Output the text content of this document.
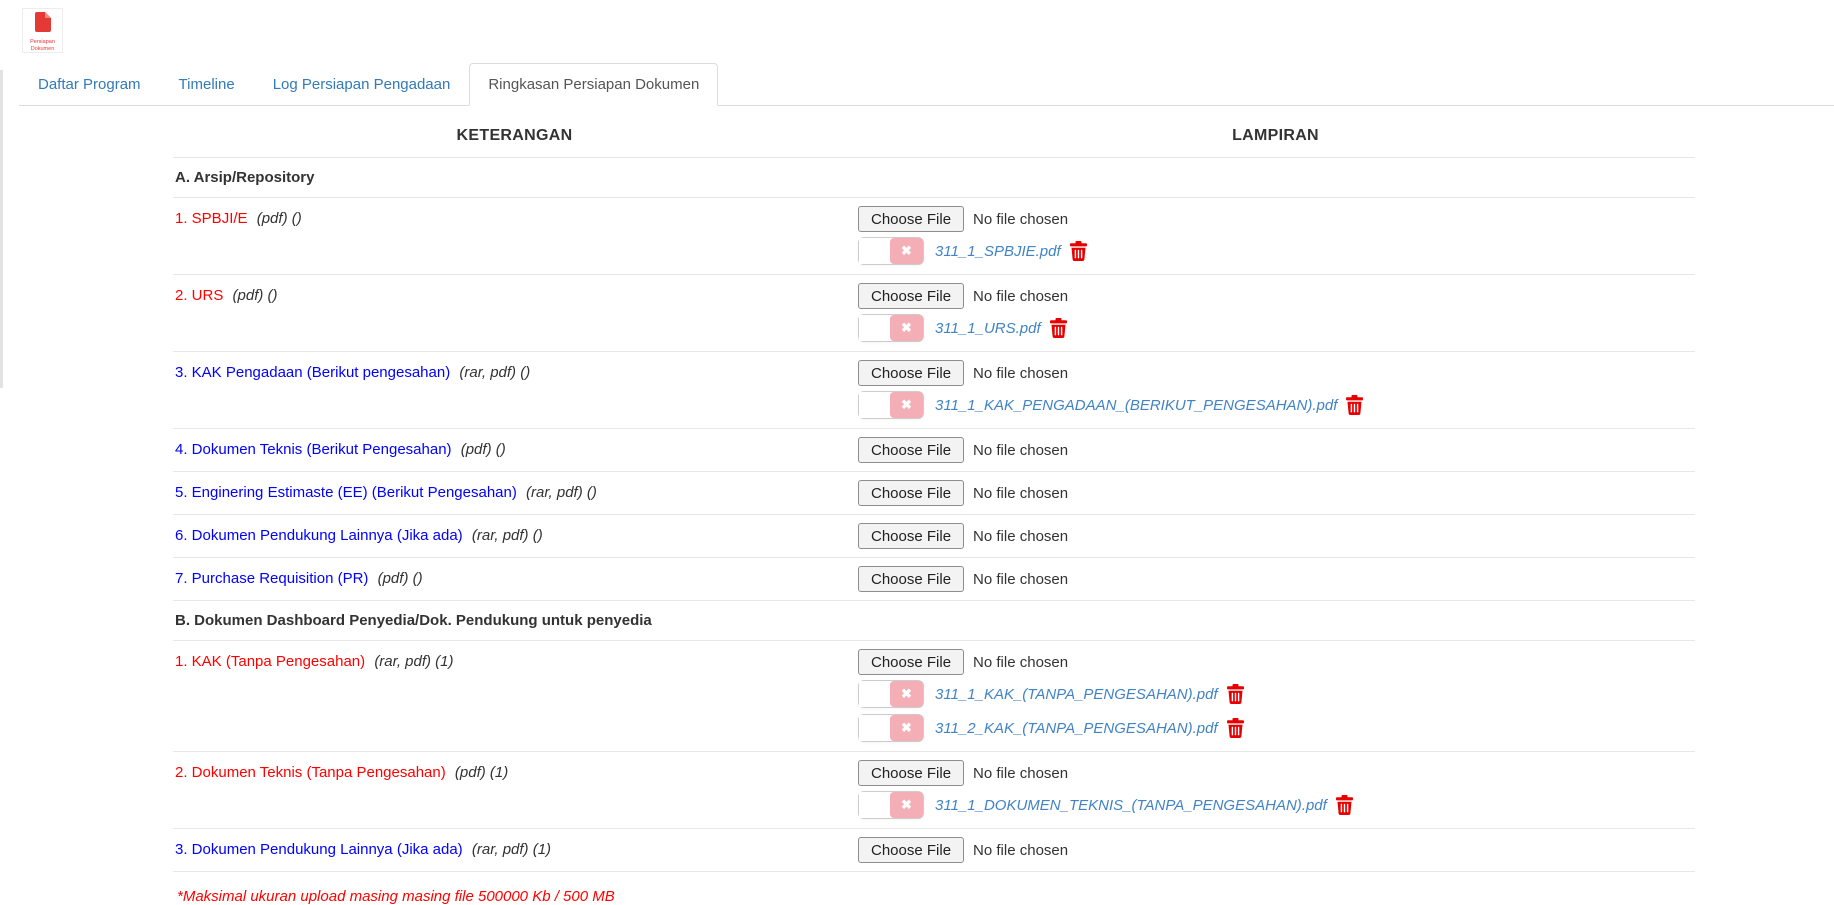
Persiapan Dokumen
Daftar Program	Timeline	Log Persiapan Pengadaan	Ringkasan Persiapan Dokumen
KETERANGAN	LAMPIRAN
A. Arsip/Repository
1. SPBJI/E (pdf) ()	Choose File	No file chosen
✖	311_1_SPBJIE.pdf
2. URS (pdf) ()	Choose File	No file chosen
✖	311_1_URS.pdf
3. KAK Pengadaan (Berikut pengesahan) (rar, pdf) ()	Choose File	No file chosen
✖	311_1_KAK_PENGADAAN_(BERIKUT_PENGESAHAN).pdf
4. Dokumen Teknis (Berikut Pengesahan) (pdf) ()	Choose File	No file chosen
5. Enginering Estimaste (EE) (Berikut Pengesahan) (rar, pdf) ()	Choose File	No file chosen
6. Dokumen Pendukung Lainnya (Jika ada) (rar, pdf) ()	Choose File	No file chosen
7. Purchase Requisition (PR) (pdf) ()	Choose File	No file chosen
B. Dokumen Dashboard Penyedia/Dok. Pendukung untuk penyedia
1. KAK (Tanpa Pengesahan) (rar, pdf) (1)	Choose File	No file chosen
✖	311_1_KAK_(TANPA_PENGESAHAN).pdf
✖	311_2_KAK_(TANPA_PENGESAHAN).pdf
2. Dokumen Teknis (Tanpa Pengesahan) (pdf) (1)	Choose File	No file chosen
✖	311_1_DOKUMEN_TEKNIS_(TANPA_PENGESAHAN).pdf
3. Dokumen Pendukung Lainnya (Jika ada) (rar, pdf) (1)	Choose File	No file chosen
*Maksimal ukuran upload masing masing file 500000 Kb / 500 MB
